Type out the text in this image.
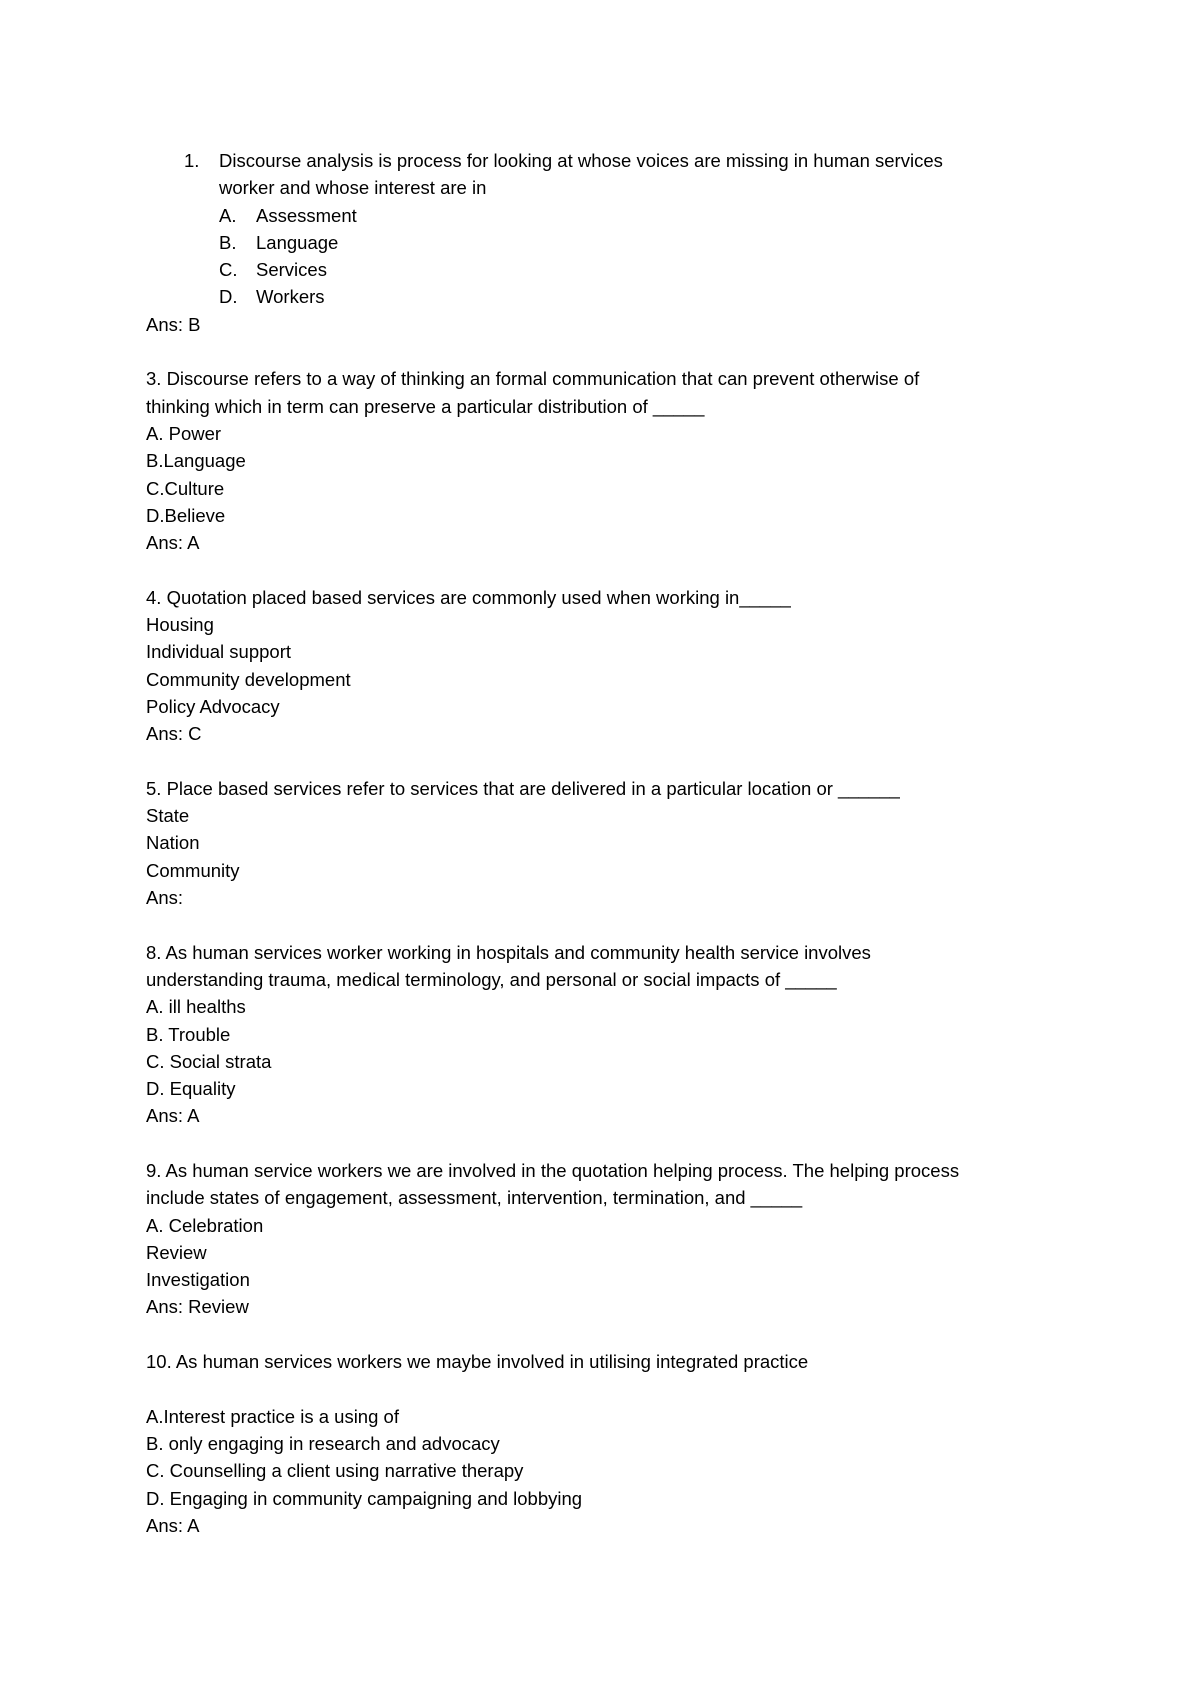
1. Discourse analysis is process for looking at whose voices are missing in human services
worker and whose interest are in
A. Assessment
B. Language
C. Services
D. Workers
Ans: B
3. Discourse refers to a way of thinking an formal communication that can prevent otherwise of
thinking which in term can preserve a particular distribution of _____
A. Power
B.Language
C.Culture
D.Believe
Ans: A
4. Quotation placed based services are commonly used when working in_____
Housing
Individual support
Community development
Policy Advocacy
Ans: C
5. Place based services refer to services that are delivered in a particular location or ______
State
Nation
Community
Ans:
8. As human services worker working in hospitals and community health service involves
understanding trauma, medical terminology, and personal or social impacts of _____
A. ill healths
B. Trouble
C. Social strata
D. Equality
Ans: A
9. As human service workers we are involved in the quotation helping process. The helping process
include states of engagement, assessment, intervention, termination, and _____
A. Celebration
Review
Investigation
Ans: Review
10. As human services workers we maybe involved in utilising integrated practice
A.Interest practice is a using of
B. only engaging in research and advocacy
C. Counselling a client using narrative therapy
D. Engaging in community campaigning and lobbying
Ans: A
